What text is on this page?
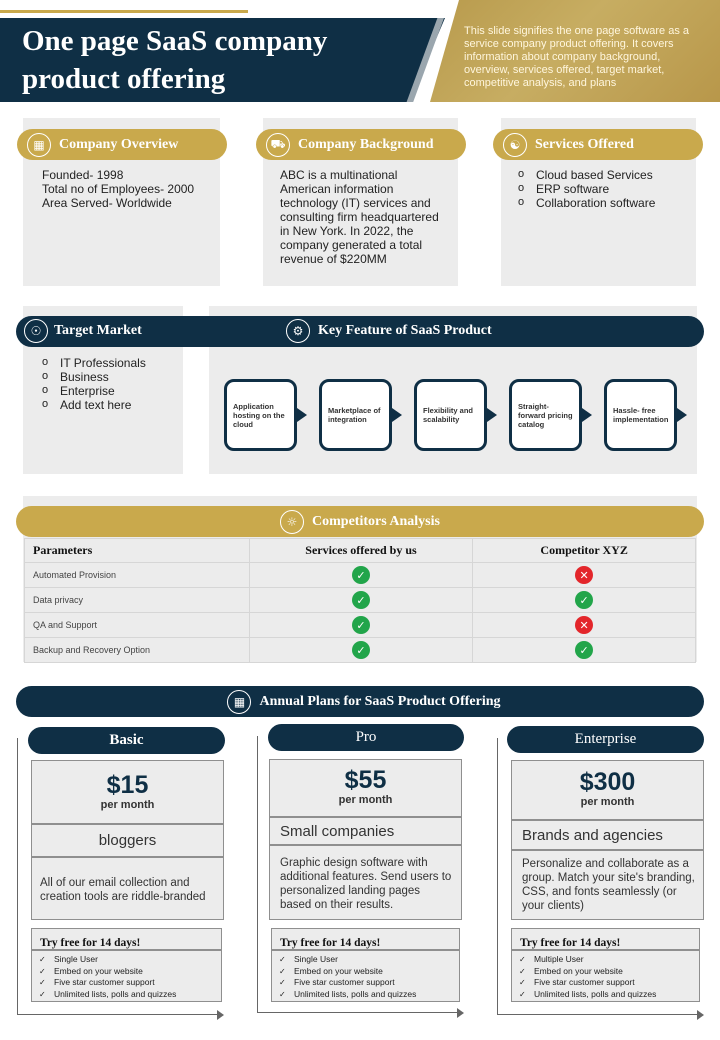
One page SaaS company product offering

This slide signifies the one page software as a service company product offering. It covers information about company background, overview, services offered, target market, competitive analysis, and plans

▦	Company Overview
Founded- 1998
Total no of Employees- 2000
Area Served- Worldwide
⛟ Company Background

ABC is a multinational American information technology (IT) services and consulting firm headquartered in New York. In 2022, the company generated a total revenue of $220MM

☯	Services Offered
o Cloud based Services
o ERP software
o Collaboration software
☉ Target Market	⚙	Key Feature of SaaS Product
o IT Professionals
o Business
o Enterprise
o Add text here	Application hosting on the cloud
Marketplace of integration
Flexibility and scalability
Straight-forward pricing catalog
Hassle- free implementation
☼	Competitors Analysis
Parameters	Services offered by us	Competitor XYZ
Automated Provision	✓	✕
Data privacy	✓	✓
QA and Support	✓	✕
Backup and Recovery Option	✓	✓
▦	Annual Plans for SaaS Product Offering
Basic
$15
per month
bloggers

All of our email collection and creation tools are riddle-branded

Try free for 14 days!
✓ Single User
✓ Embed on your website
✓ Five star customer support
✓ Unlimited lists, polls and quizzes
Pro
$55
per month
Small companies

Graphic design software with additional features. Send users to personalized landing pages based on their results.

Try free for 14 days!
✓ Single User
✓ Embed on your website
✓ Five star customer support
✓ Unlimited lists, polls and quizzes
Enterprise
$300
per month
Brands and agencies

Personalize and collaborate as a group. Match your site's branding, CSS, and fonts seamlessly (or your clients)

Try free for 14 days!
✓ Multiple User
✓ Embed on your website
✓ Five star customer support
✓ Unlimited lists, polls and quizzes
